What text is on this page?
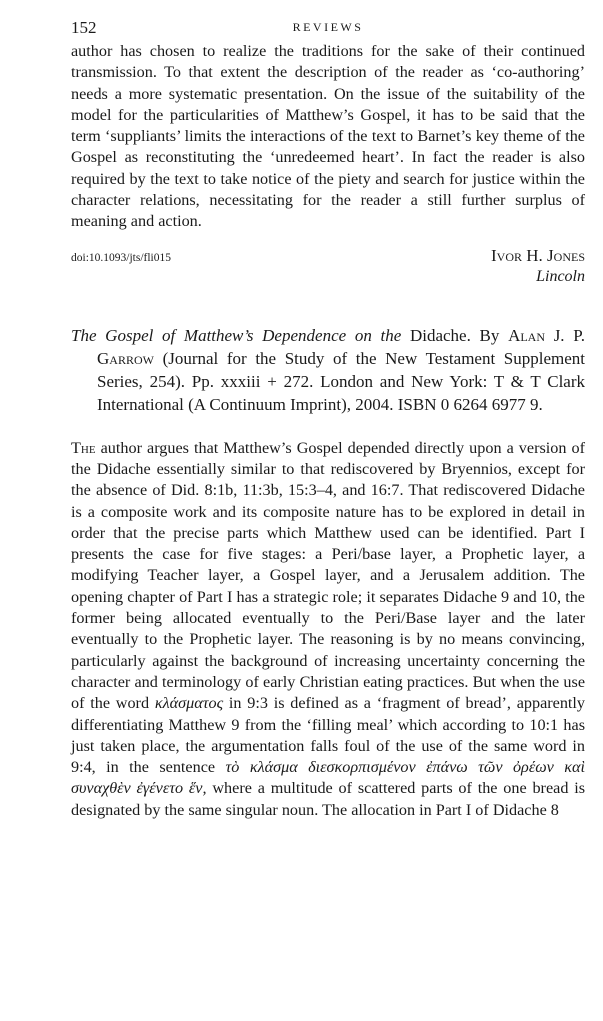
152	REVIEWS

author has chosen to realize the traditions for the sake of their continued transmission. To that extent the description of the reader as ‘co-authoring’ needs a more systematic presentation. On the issue of the suitability of the model for the particularities of Matthew’s Gospel, it has to be said that the term ‘suppliants’ limits the interactions of the text to Barnet’s key theme of the Gospel as reconstituting the ‘unredeemed heart’. In fact the reader is also required by the text to take notice of the piety and search for justice within the character relations, necessitating for the reader a still further surplus of meaning and action.

doi:10.1093/jts/fli015	Ivor H. Jones
Lincoln
The Gospel of Matthew’s Dependence on the Didache. By Alan J. P. Garrow (Journal for the Study of the New Testament Supplement Series, 254). Pp. xxxiii + 272. London and New York: T & T Clark International (A Continuum Imprint), 2004. ISBN 0 6264 6977 9.

The author argues that Matthew’s Gospel depended directly upon a version of the Didache essentially similar to that rediscovered by Bryennios, except for the absence of Did. 8:1b, 11:3b, 15:3–4, and 16:7. That rediscovered Didache is a composite work and its composite nature has to be explored in detail in order that the precise parts which Matthew used can be identified. Part I presents the case for five stages: a Peri/base layer, a Prophetic layer, a modifying Teacher layer, a Gospel layer, and a Jerusalem addition. The opening chapter of Part I has a strategic role; it separates Didache 9 and 10, the former being allocated eventually to the Peri/Base layer and the later eventually to the Prophetic layer. The reasoning is by no means convincing, particularly against the background of increasing uncertainty concerning the character and terminology of early Christian eating practices. But when the use of the word κλάσματος in 9:3 is defined as a ‘fragment of bread’, apparently differentiating Matthew 9 from the ‘filling meal’ which according to 10:1 has just taken place, the argumentation falls foul of the use of the same word in 9:4, in the sentence τὸ κλάσμα διεσκορπισμένον ἐπάνω τῶν ὀρέων καὶ συναχθὲν ἐγένετο ἕν, where a multitude of scattered parts of the one bread is designated by the same singular noun. The allocation in Part I of Didache 8
